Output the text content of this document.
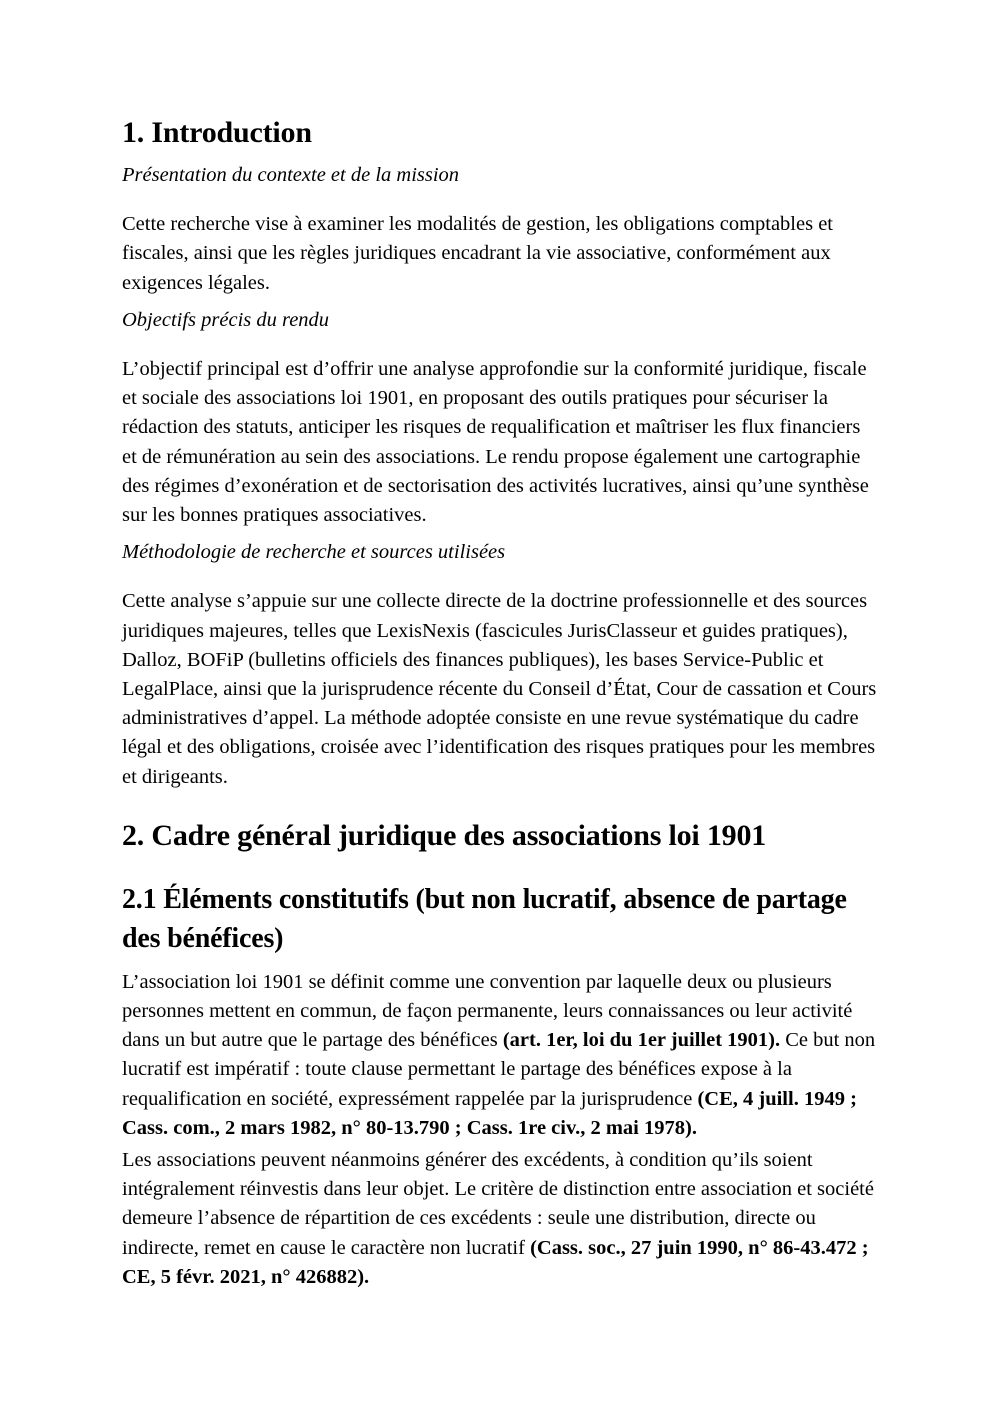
1. Introduction

Présentation du contexte et de la mission

Cette recherche vise à examiner les modalités de gestion, les obligations comptables et fiscales, ainsi que les règles juridiques encadrant la vie associative, conformément aux exigences légales.

Objectifs précis du rendu

L’objectif principal est d’offrir une analyse approfondie sur la conformité juridique, fiscale et sociale des associations loi 1901, en proposant des outils pratiques pour sécuriser la rédaction des statuts, anticiper les risques de requalification et maîtriser les flux financiers et de rémunération au sein des associations. Le rendu propose également une cartographie des régimes d’exonération et de sectorisation des activités lucratives, ainsi qu’une synthèse sur les bonnes pratiques associatives.

Méthodologie de recherche et sources utilisées

Cette analyse s’appuie sur une collecte directe de la doctrine professionnelle et des sources juridiques majeures, telles que LexisNexis (fascicules JurisClasseur et guides pratiques), Dalloz, BOFiP (bulletins officiels des finances publiques), les bases Service-Public et LegalPlace, ainsi que la jurisprudence récente du Conseil d’État, Cour de cassation et Cours administratives d’appel. La méthode adoptée consiste en une revue systématique du cadre légal et des obligations, croisée avec l’identification des risques pratiques pour les membres et dirigeants.

2. Cadre général juridique des associations loi 1901
2.1 Éléments constitutifs (but non lucratif, absence de partage des bénéfices)

L’association loi 1901 se définit comme une convention par laquelle deux ou plusieurs personnes mettent en commun, de façon permanente, leurs connaissances ou leur activité dans un but autre que le partage des bénéfices (art. 1er, loi du 1er juillet 1901). Ce but non lucratif est impératif : toute clause permettant le partage des bénéfices expose à la requalification en société, expressément rappelée par la jurisprudence (CE, 4 juill. 1949 ; Cass. com., 2 mars 1982, n° 80-13.790 ; Cass. 1re civ., 2 mai 1978).

Les associations peuvent néanmoins générer des excédents, à condition qu’ils soient intégralement réinvestis dans leur objet. Le critère de distinction entre association et société demeure l’absence de répartition de ces excédents : seule une distribution, directe ou indirecte, remet en cause le caractère non lucratif (Cass. soc., 27 juin 1990, n° 86-43.472 ; CE, 5 févr. 2021, n° 426882).
